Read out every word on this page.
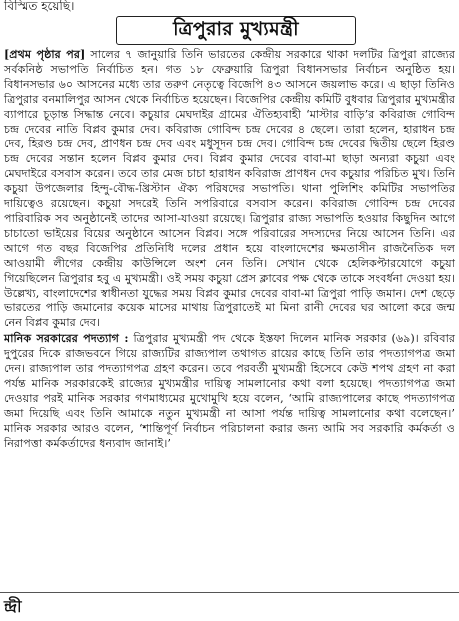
বিস্মিত হয়েছি।
ত্রিপুরার মুখ্যমন্ত্রী

[প্রথম পৃষ্ঠার পর] সালের ৭ জানুয়ারি তিনি ভারতের কেন্দ্রীয় সরকারে থাকা দলটির ত্রিপুরা রাজ্যের সর্বকনিষ্ঠ সভাপতি নির্বাচিত হন। গত ১৮ ফেব্রুয়ারি ত্রিপুরা বিধানসভার নির্বাচন অনুষ্ঠিত হয়। বিধানসভার ৬০ আসনের মধ্যে তার তরুণ নেতৃত্বে বিজেপি ৪৩ আসনে জয়লাভ করে। এ ছাড়া তিনিও ত্রিপুরার বনমালিপুর আসন থেকে নির্বাচিত হয়েছেন। বিজেপির কেন্দ্রীয় কমিটি বুধবার ত্রিপুরার মুখ্যমন্ত্রীর ব্যাপারে চূড়ান্ত সিদ্ধান্ত নেবে। কচুয়ার মেঘদাইর গ্রামের ঐতিহ্যবাহী ‘মাস্টার বাড়ি’র কবিরাজ গোবিন্দ চন্দ্র দেবের নাতি বিপ্লব কুমার দেব। কবিরাজ গোবিন্দ চন্দ্র দেবের ৪ ছেলে। তারা হলেন, হারাধন চন্দ্র দেব, হিরণ্ড চন্দ্র দেব, প্রাণধন চন্দ্র দেব এবং মধুসূদন চন্দ্র দেব। গোবিন্দ চন্দ্র দেবের দ্বিতীয় ছেলে হিরণ্ড চন্দ্র দেবের সন্তান হলেন বিপ্লব কুমার দেব। বিপ্লব কুমার দেবের বাবা-মা ছাড়া অন্যরা কচুয়া এবং মেঘদাইরে বসবাস করেন। তবে তার মেজ চাচা হারাধন কবিরাজ প্রাণধন দেব কচুয়ার পরিচিত মুখ। তিনি কচুয়া উপজেলার হিন্দু-বৌদ্ধ-খ্রিস্টান ঐক্য পরিষদের সভাপতি। থানা পুলিশিং কমিটির সভাপতির দায়িত্বেও রয়েছেন। কচুয়া সদরেই তিনি সপরিবারে বসবাস করেন। কবিরাজ গোবিন্দ চন্দ্র দেবের পারিবারিক সব অনুষ্ঠানেই তাদের আসা-যাওয়া রয়েছে। ত্রিপুরার রাজ্য সভাপতি হওয়ার কিছুদিন আগে চাচাতো ভাইয়ের বিয়ের অনুষ্ঠানে আসেন বিপ্লব। সঙ্গে পরিবারের সদস্যদের নিয়ে আসেন তিনি। এর আগে গত বছর বিজেপির প্রতিনিধি দলের প্রধান হয়ে বাংলাদেশের ক্ষমতাসীন রাজনৈতিক দল আওয়ামী লীগের কেন্দ্রীয় কাউন্সিলে অংশ নেন তিনি। সেখান থেকে হেলিকপ্টারযোগে কচুয়া গিয়েছিলেন ত্রিপুরার হবু এ মুখ্যমন্ত্রী। ওই সময় কচুয়া প্রেস ক্লাবের পক্ষ থেকে তাকে সংবর্ধনা দেওয়া হয়। উল্লেখ্য, বাংলাদেশের স্বাধীনতা যুদ্ধের সময় বিপ্লব কুমার দেবের বাবা-মা ত্রিপুরা পাড়ি জমান। দেশ ছেড়ে ভারতের পাড়ি জমানোর কয়েক মাসের মাথায় ত্রিপুরাতেই মা মিনা রানী দেবের ঘর আলো করে জন্ম নেন বিপ্লব কুমার দেব।

মানিক সরকারের পদত্যাগ : ত্রিপুরার মুখ্যমন্ত্রী পদ থেকে ইস্তফা দিলেন মানিক সরকার (৬৯)। রবিবার দুপুরের দিকে রাজভবনে গিয়ে রাজ্যটির রাজ্যপাল তথাগত রায়ের কাছে তিনি তার পদত্যাগপত্র জমা দেন। রাজ্যপাল তার পদত্যাগপত্র গ্রহণ করেন। তবে পরবর্তী মুখ্যমন্ত্রী হিসেবে কেউ শপথ গ্রহণ না করা পর্যন্ত মানিক সরকারকেই রাজ্যের মুখ্যমন্ত্রীর দায়িত্ব সামলানোর কথা বলা হয়েছে। পদত্যাগপত্র জমা দেওয়ার পরই মানিক সরকার গণমাধ্যমের মুখোমুখি হয়ে বলেন, ‘আমি রাজ্যপালের কাছে পদত্যাগপত্র জমা দিয়েছি এবং তিনি আমাকে নতুন মুখ্যমন্ত্রী না আসা পর্যন্ত দায়িত্ব সামলানোর কথা বলেছেন।’ মানিক সরকার আরও বলেন, ‘শান্তিপূর্ণ নির্বাচন পরিচালনা করার জন্য আমি সব সরকারি কর্মকর্তা ও নিরাপত্তা কর্মকর্তাদের ধন্যবাদ জানাই।’

ন্দ্রী
